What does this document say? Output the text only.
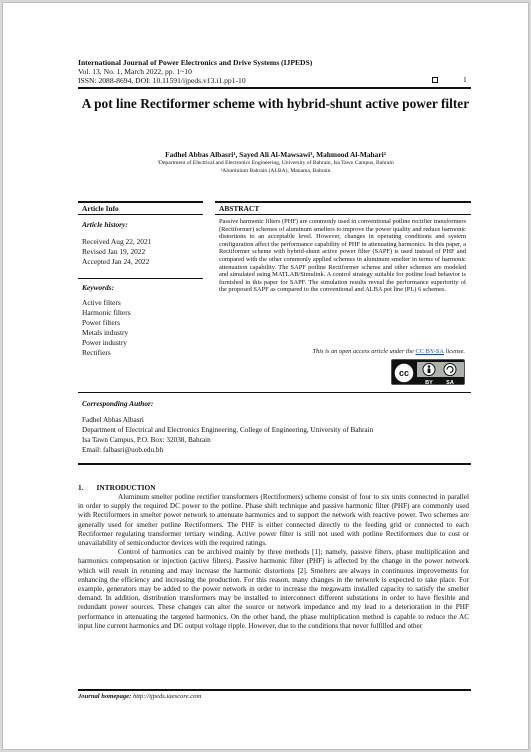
International Journal of Power Electronics and Drive Systems (IJPEDS)
Vol. 13, No. 1, March 2022, pp. 1~10
ISSN: 2088-8694, DOI: 10.11591/ijpeds.v13.i1.pp1-10	1
A pot line Rectiformer scheme with hybrid-shunt active power filter
Fadhel Abbas Albasri¹, Sayed Ali Al-Mawsawi¹, Mahmood Al-Mahari²
¹Department of Electrical and Electronics Engineering, University of Bahrain, Isa Tawn Campus, Bahrain
²Aluminium Bahrain (ALBA), Manama, Bahrain
Article Info
Article history:
Received Aug 22, 2021
Revised Jan 19, 2022
Accepted Jan 24, 2022
Keywords:
Active filters
Harmonic filters
Power filters
Metals industry
Power industry
Rectifiers
ABSTRACT
Passive harmonic filters (PHF) are commonly used in conventional potline rectifier transformers (Rectiformer) schemes of aluminum smelters to improve the power quality and reduce harmonic distortions to an acceptable level. However, changes in operating conditions and system configuration affect the performance capability of PHF in attenuating harmonics. In this paper, a Rectiformer scheme with hybrid-shunt active power filter (SAPF) is used instead of PHF and compared with the other commonly applied schemes in aluminum smelter in terms of harmonic attenuation capability. The SAPF potline Rectiformer scheme and other schemes are modeled and simulated using MATLAB/Simulink. A control strategy suitable for potline load behavior is furnished in this paper for SAPF. The simulation results reveal the performance superiority of the proposed SAPF as compared to the conventional and ALBA pot line (PL) 6 schemes.
This is an open access article under the CC BY-SA license.
cc
BY SA
Corresponding Author:
Fadhel Abbas Albasri
Department of Electrical and Electronics Engineering, College of Engineering, University of Bahrain
Isa Tawn Campus, P.O. Box: 32038, Bahrain
Email: falbasri@uob.edu.bh
1.       INTRODUCTION

Aluminum smelter potline rectifier transformers (Rectiformers) scheme consist of four to six units connected in parallel in order to supply the required DC power to the potline. Phase shift technique and passive harmonic filter (PHF) are commonly used with Rectiformers in smelter power network to attenuate harmonics and to support the network with reactive power. Two schemes are generally used for smelter potline Rectiformers. The PHF is either connected directly to the feeding grid or connected to each Rectiformer regulating transformer tertiary winding. Active power filter is still not used with potline Rectiformers due to cost or unavailability of semiconductor devices with the required ratings.

Control of harmonics can be archived mainly by three methods [1]; namely, passive filters, phase multiplication and harmonics compensation or injection (active filters). Passive harmonic filter (PHF) is affected by the change in the power network which will result in retuning and may increase the harmonic distortions [2]. Smelters are always in continuous improvements for enhancing the efficiency and increasing the production. For this reason, many changes in the network is expected to take place. For example, generators may be added to the power network in order to increase the megawatts installed capacity to satisfy the smelter demand. In addition, distribution transformers may be installed to interconnect different substations in order to have flexible and redundant power sources. These changes can alter the source or network impedance and my lead to a deterioration in the PHF performance in attenuating the targeted harmonics. On the other hand, the phase multiplication method is capable to reduce the AC input line current harmonics and DC output voltage ripple. However, due to the conditions that never fulfilled and other

Journal homepage: http://ijpeds.iaescore.com
